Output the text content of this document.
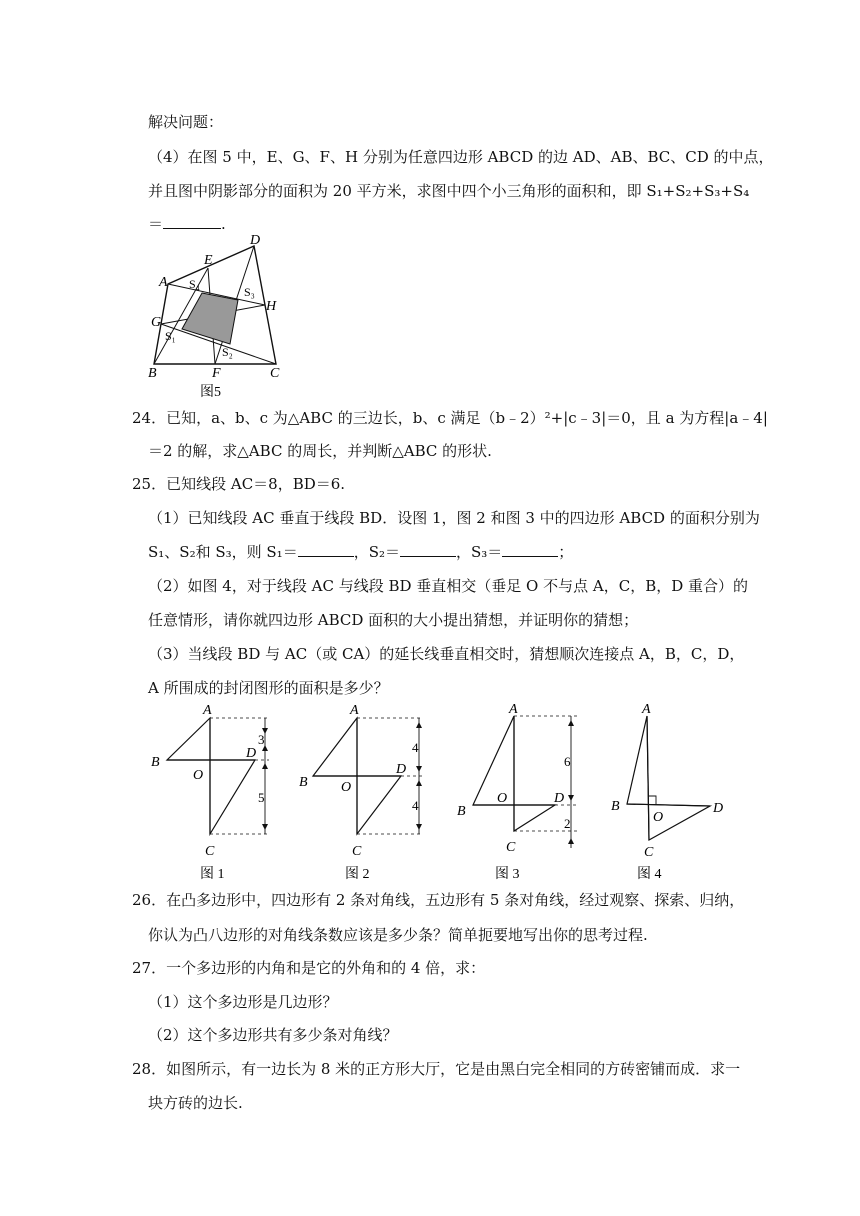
解决问题：
（4）在图 5 中，E、G、F、H 分别为任意四边形 ABCD 的边 AD、AB、BC、CD 的中点，
并且图中阴影部分的面积为 20 平方米，求图中四个小三角形的面积和，即 S₁+S₂+S₃+S₄
＝	.
D
E
A S₄
S₃
H
G
S₁
S₂
B	F	C
图5
24．已知，a、b、c 为△ABC 的三边长，b、c 满足（b﹣2）²+|c﹣3|＝0，且 a 为方程|a﹣4|
＝2 的解，求△ABC 的周长，并判断△ABC 的形状.
25．已知线段 AC＝8，BD＝6.
（1）已知线段 AC 垂直于线段 BD．设图 1，图 2 和图 3 中的四边形 ABCD 的面积分别为
S₁、S₂和 S₃，则 S₁＝	，S₂＝	，S₃＝	；
（2）如图 4，对于线段 AC 与线段 BD 垂直相交（垂足 O 不与点 A，C，B，D 重合）的
任意情形，请你就四边形 ABCD 面积的大小提出猜想，并证明你的猜想；
（3）当线段 BD 与 AC（或 CA）的延长线垂直相交时，猜想顺次连接点 A，B，C，D，
A 所围成的封闭图形的面积是多少？
A
B
D
O
C
A
B
D
O
C
A
B
D
O
C
A
B	D
O
C
3
5
4
4
6
2
图 1	图 2	图 3	图 4
26．在凸多边形中，四边形有 2 条对角线，五边形有 5 条对角线，经过观察、探索、归纳，
你认为凸八边形的对角线条数应该是多少条？简单扼要地写出你的思考过程.
27．一个多边形的内角和是它的外角和的 4 倍，求：
（1）这个多边形是几边形？
（2）这个多边形共有多少条对角线？
28．如图所示，有一边长为 8 米的正方形大厅，它是由黑白完全相同的方砖密铺而成．求一
块方砖的边长.
